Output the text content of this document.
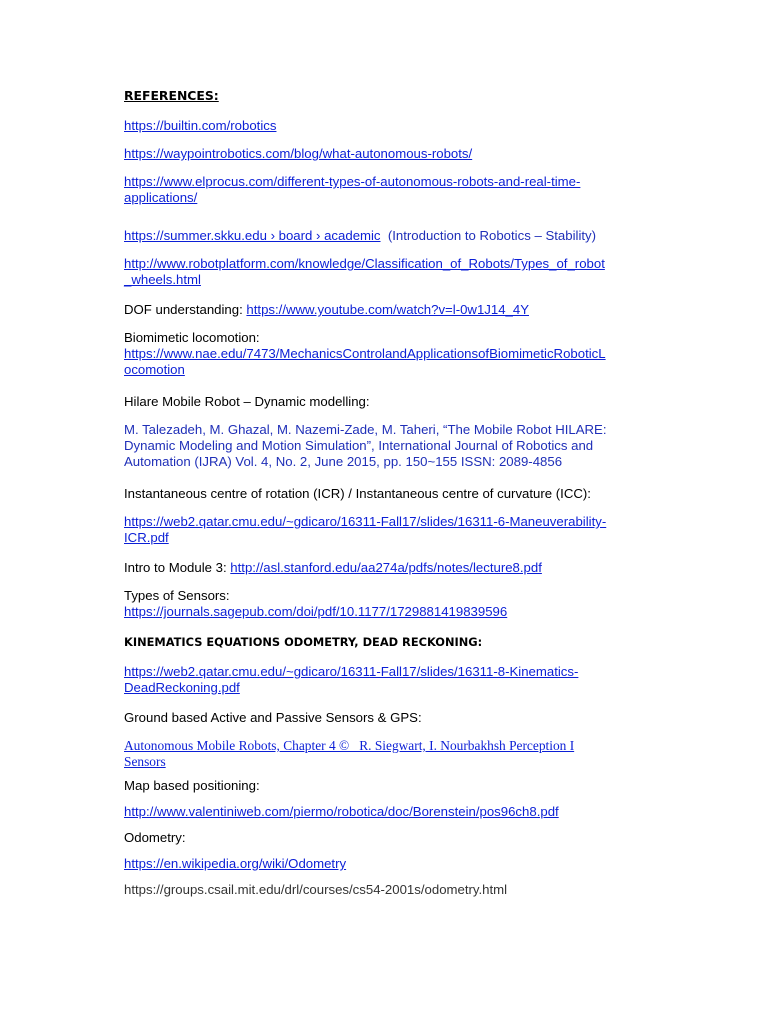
REFERENCES:
https://builtin.com/robotics
https://waypointrobotics.com/blog/what-autonomous-robots/
https://www.elprocus.com/different-types-of-autonomous-robots-and-real-time-
applications/
https://summer.skku.edu › board › academic (Introduction to Robotics – Stability)
http://www.robotplatform.com/knowledge/Classification_of_Robots/Types_of_robot
_wheels.html
DOF understanding: https://www.youtube.com/watch?v=l-0w1J14_4Y
Biomimetic locomotion:
https://www.nae.edu/7473/MechanicsControlandApplicationsofBiomimeticRoboticL
ocomotion
Hilare Mobile Robot – Dynamic modelling:
M. Talezadeh, M. Ghazal, M. Nazemi-Zade, M. Taheri, “The Mobile Robot HILARE:
Dynamic Modeling and Motion Simulation”, International Journal of Robotics and
Automation (IJRA) Vol. 4, No. 2, June 2015, pp. 150~155 ISSN: 2089-4856
Instantaneous centre of rotation (ICR) / Instantaneous centre of curvature (ICC):
https://web2.qatar.cmu.edu/~gdicaro/16311-Fall17/slides/16311-6-Maneuverability-
ICR.pdf
Intro to Module 3: http://asl.stanford.edu/aa274a/pdfs/notes/lecture8.pdf
Types of Sensors:
https://journals.sagepub.com/doi/pdf/10.1177/1729881419839596
KINEMATICS EQUATIONS ODOMETRY, DEAD RECKONING:
https://web2.qatar.cmu.edu/~gdicaro/16311-Fall17/slides/16311-8-Kinematics-
DeadReckoning.pdf
Ground based Active and Passive Sensors & GPS:
Autonomous Mobile Robots, Chapter 4 ©   R. Siegwart, I. Nourbakhsh Perception I
Sensors
Map based positioning:
http://www.valentiniweb.com/piermo/robotica/doc/Borenstein/pos96ch8.pdf
Odometry:
https://en.wikipedia.org/wiki/Odometry
https://groups.csail.mit.edu/drl/courses/cs54-2001s/odometry.html
